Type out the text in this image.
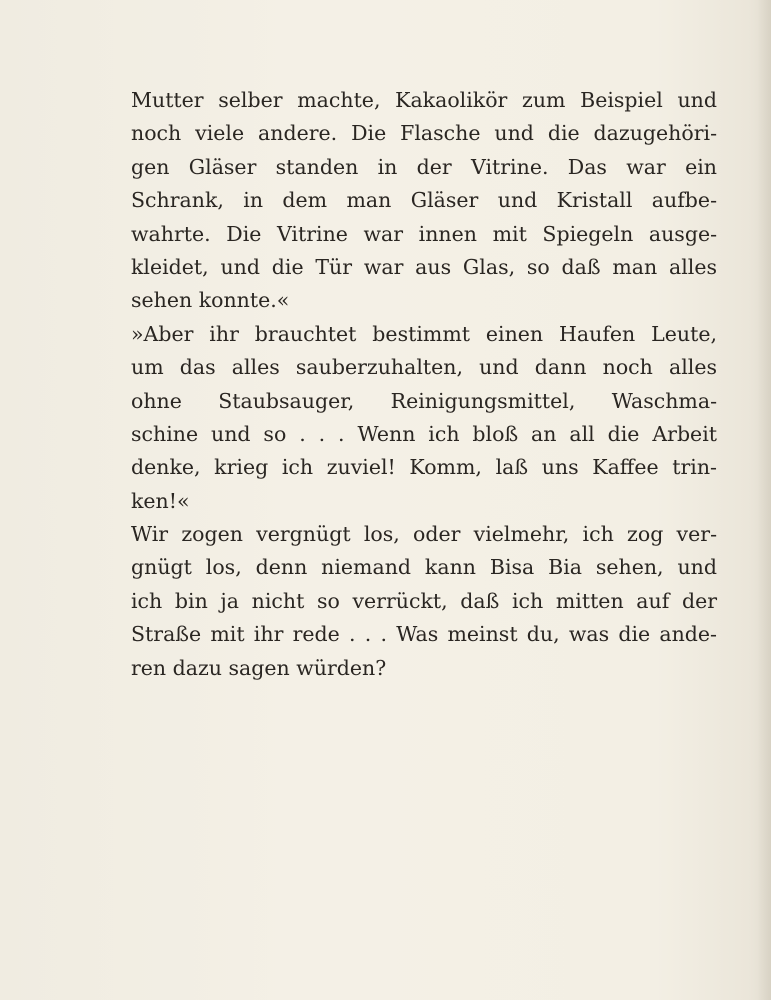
Mutter selber machte, Kakaolikör zum Beispiel und
noch viele andere. Die Flasche und die dazugehöri-
gen Gläser standen in der Vitrine. Das war ein
Schrank, in dem man Gläser und Kristall aufbe-
wahrte. Die Vitrine war innen mit Spiegeln ausge-
kleidet, und die Tür war aus Glas, so daß man alles
sehen konnte.«
»Aber ihr brauchtet bestimmt einen Haufen Leute,
um das alles sauberzuhalten, und dann noch alles
ohne Staubsauger, Reinigungsmittel, Waschma-
schine und so . . . Wenn ich bloß an all die Arbeit
denke, krieg ich zuviel! Komm, laß uns Kaffee trin-
ken!«
Wir zogen vergnügt los, oder vielmehr, ich zog ver-
gnügt los, denn niemand kann Bisa Bia sehen, und
ich bin ja nicht so verrückt, daß ich mitten auf der
Straße mit ihr rede . . . Was meinst du, was die ande-
ren dazu sagen würden?
